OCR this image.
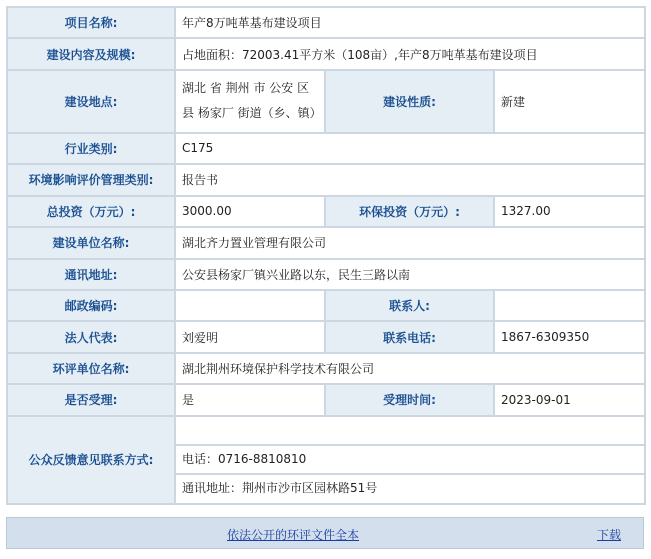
项目名称:	年产8万吨革基布建设项目		
建设内容及规模:	占地面积：72003.41平方米（108亩）,年产8万吨革基布建设项目		
建设地点:	湖北 省 荆州 市 公安 区县 杨家厂 街道（乡、镇）	建设性质:	新建
行业类别:	C175		
环境影响评价管理类别:	报告书		
总投资（万元）:	3000.00	环保投资（万元）:	1327.00
建设单位名称:	湖北齐力置业管理有限公司		
通讯地址:	公安县杨家厂镇兴业路以东，民生三路以南		
邮政编码:		联系人:	
法人代表:	刘爱明	联系电话:	1867-6309350
环评单位名称:	湖北荆州环境保护科学技术有限公司		
是否受理:	是	受理时间:	2023-09-01
公众反馈意见联系方式:	电话：0716-8810810
通讯地址：荆州市沙市区园林路51号		
依法公开的环评文件全本	下载
